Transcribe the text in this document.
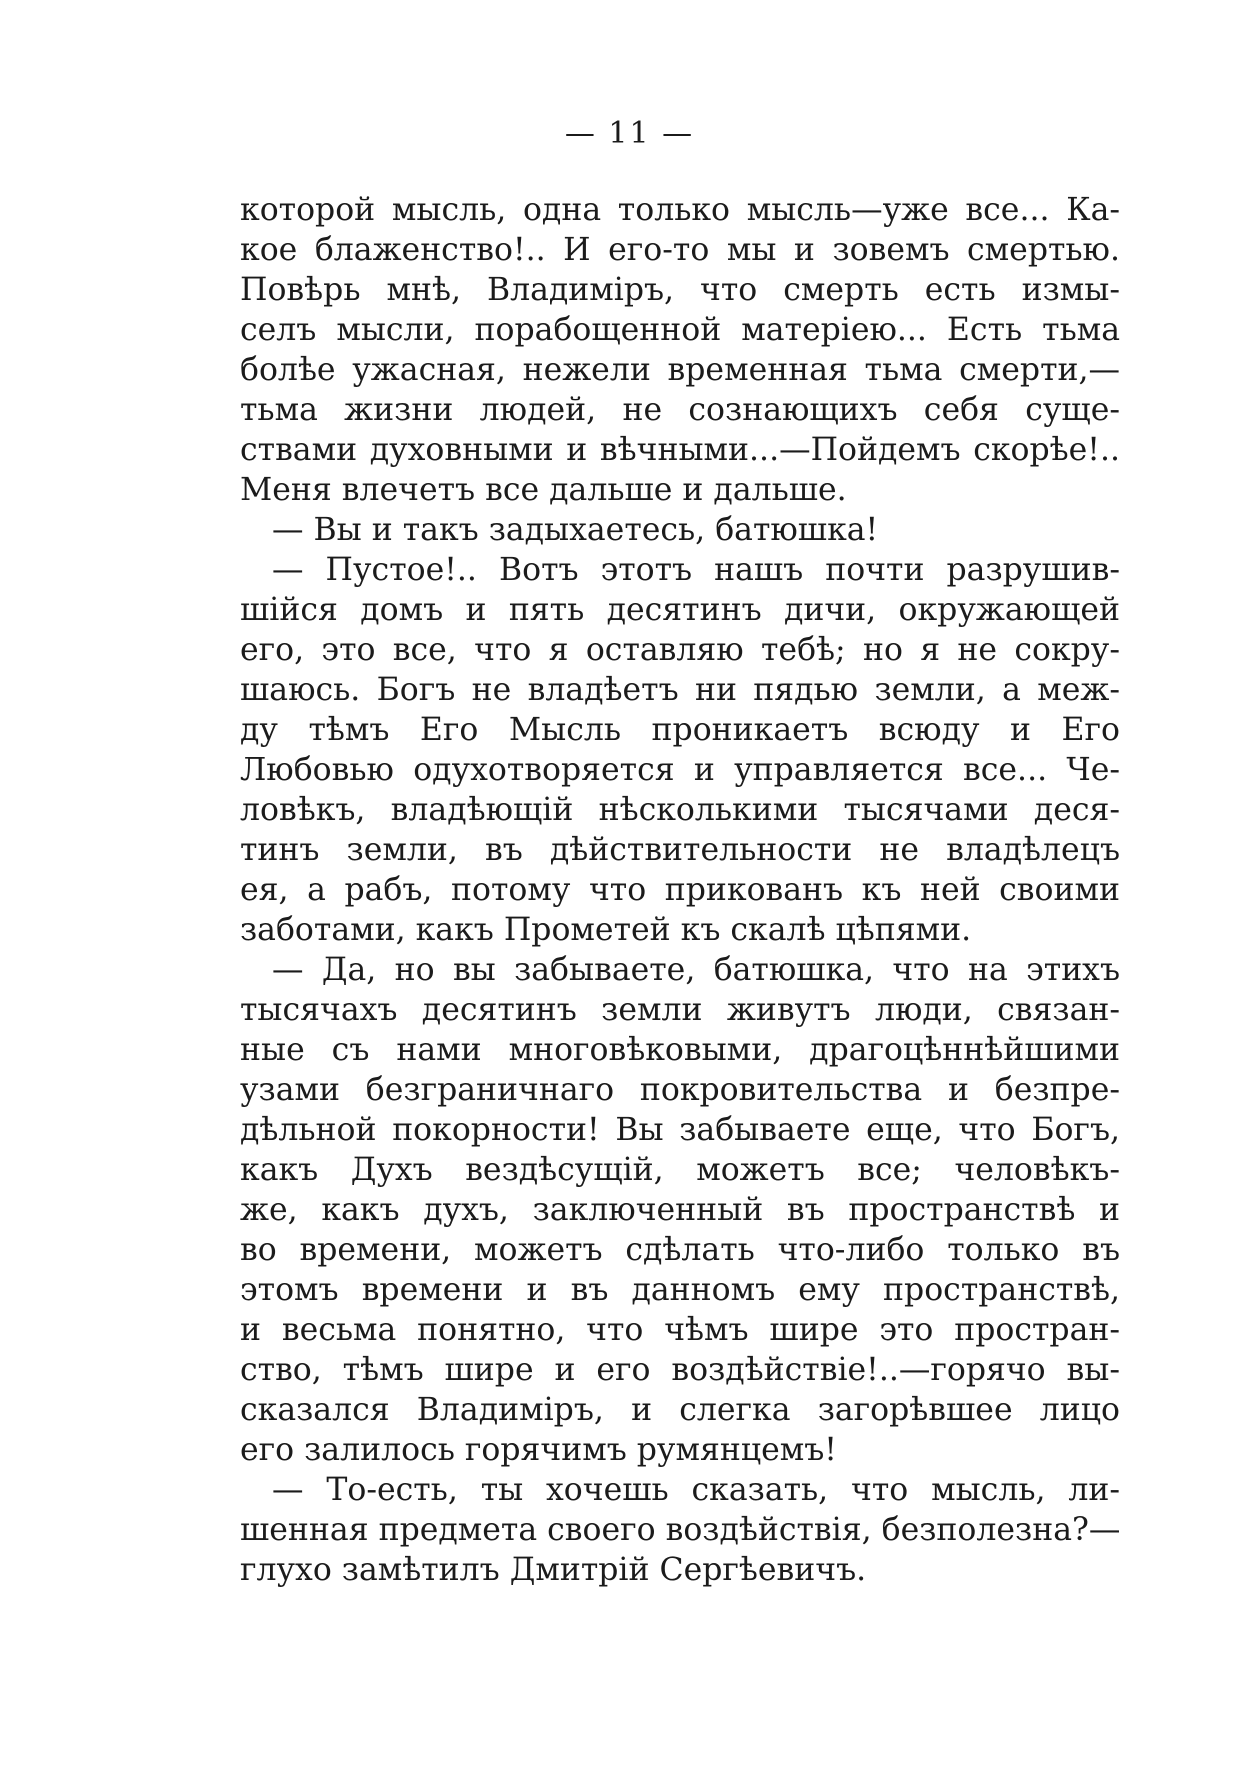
— 11 —
которой мысль, одна только мысль—уже все... Ка-
кое блаженство!.. И его-то мы и зовемъ смертью.
Повѣрь мнѣ, Владиміръ, что смерть есть измы-
селъ мысли, порабощенной матеріею... Есть тьма
болѣе ужасная, нежели временная тьма смерти,—
тьма жизни людей, не сознающихъ себя суще-
ствами духовными и вѣчными...—Пойдемъ скорѣе!..
Меня влечетъ все дальше и дальше.
— Вы и такъ задыхаетесь, батюшка!
— Пустое!.. Вотъ этотъ нашъ почти разрушив-
шійся домъ и пять десятинъ дичи, окружающей
его, это все, что я оставляю тебѣ; но я не сокру-
шаюсь. Богъ не владѣетъ ни пядью земли, а меж-
ду тѣмъ Его Мысль проникаетъ всюду и Его
Любовью одухотворяется и управляется все... Че-
ловѣкъ, владѣющій нѣсколькими тысячами деся-
тинъ земли, въ дѣйствительности не владѣлецъ
ея, а рабъ, потому что прикованъ къ ней своими
заботами, какъ Прометей къ скалѣ цѣпями.
— Да, но вы забываете, батюшка, что на этихъ
тысячахъ десятинъ земли живутъ люди, связан-
ные съ нами многовѣковыми, драгоцѣннѣйшими
узами безграничнаго покровительства и безпре-
дѣльной покорности! Вы забываете еще, что Богъ,
какъ Духъ вездѣсущій, можетъ все; человѣкъ-
же, какъ духъ, заключенный въ пространствѣ и
во времени, можетъ сдѣлать что-либо только въ
этомъ времени и въ данномъ ему пространствѣ,
и весьма понятно, что чѣмъ шире это простран-
ство, тѣмъ шире и его воздѣйствіе!..—горячо вы-
сказался Владиміръ, и слегка загорѣвшее лицо
его залилось горячимъ румянцемъ!
— То-есть, ты хочешь сказать, что мысль, ли-
шенная предмета своего воздѣйствія, безполезна?—
глухо замѣтилъ Дмитрій Сергѣевичъ.
